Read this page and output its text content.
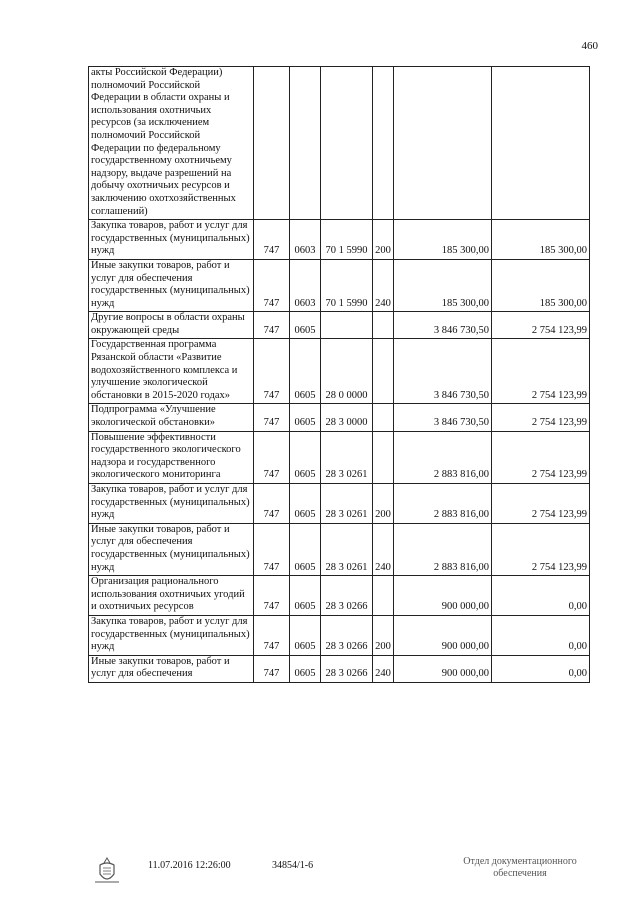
460
акты Российской Федерации) полномочий Российской Федерации в области охраны и использования охотничьих ресурсов (за исключением полномочий Российской Федерации по федеральному государственному охотничьему надзору, выдаче разрешений на добычу охотничьих ресурсов и заключению охотхозяйственных соглашений)						
Закупка товаров, работ и услуг для государственных (муниципальных) нужд	747	0603	70 1 5990	200	185 300,00	185 300,00
Иные закупки товаров, работ и услуг для обеспечения государственных (муниципальных) нужд	747	0603	70 1 5990	240	185 300,00	185 300,00
Другие вопросы в области охраны окружающей среды	747	0605			3 846 730,50	2 754 123,99
Государственная программа Рязанской области «Развитие водохозяйственного комплекса и улучшение экологической обстановки в 2015-2020 годах»	747	0605	28 0 0000		3 846 730,50	2 754 123,99
Подпрограмма «Улучшение экологической обстановки»	747	0605	28 3 0000		3 846 730,50	2 754 123,99
Повышение эффективности государственного экологического надзора и государственного экологического мониторинга	747	0605	28 3 0261		2 883 816,00	2 754 123,99
Закупка товаров, работ и услуг для государственных (муниципальных) нужд	747	0605	28 3 0261	200	2 883 816,00	2 754 123,99
Иные закупки товаров, работ и услуг для обеспечения государственных (муниципальных) нужд	747	0605	28 3 0261	240	2 883 816,00	2 754 123,99
Организация рационального использования охотничьих угодий и охотничьих ресурсов	747	0605	28 3 0266		900 000,00	0,00
Закупка товаров, работ и услуг для государственных (муниципальных) нужд	747	0605	28 3 0266	200	900 000,00	0,00
Иные закупки товаров, работ и услуг для обеспечения	747	0605	28 3 0266	240	900 000,00	0,00
11.07.2016 12:26:00	34854/1-6	Отдел документационного
обеспечения
